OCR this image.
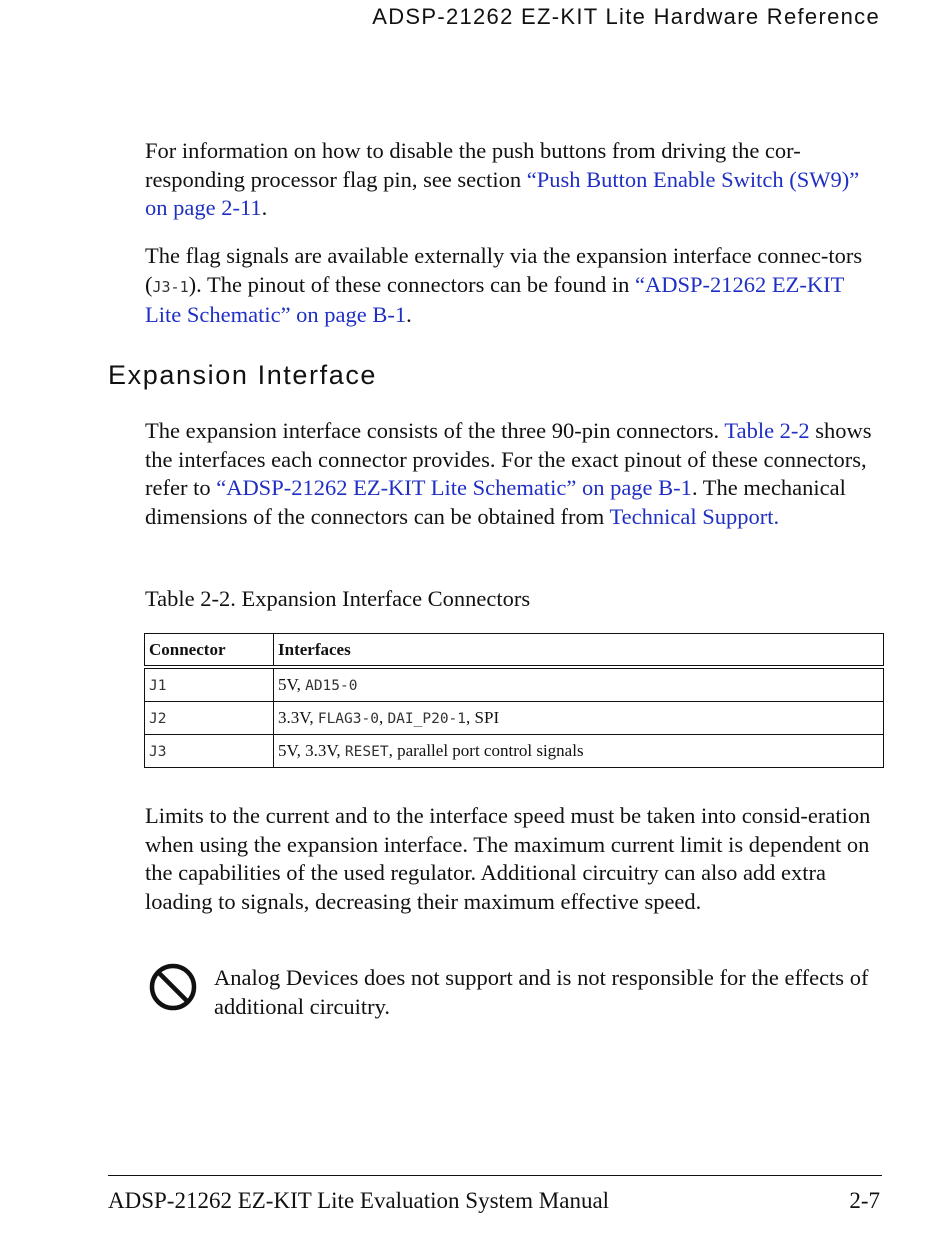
ADSP-21262 EZ-KIT Lite Hardware Reference

For information on how to disable the push buttons from driving the cor-responding processor flag pin, see section “Push Button Enable Switch (SW9)” on page 2-11.

The flag signals are available externally via the expansion interface connec-tors (J3-1). The pinout of these connectors can be found in “ADSP-21262 EZ-KIT Lite Schematic” on page B-1.

Expansion Interface

The expansion interface consists of the three 90-pin connectors. Table 2-2 shows the interfaces each connector provides. For the exact pinout of these connectors, refer to “ADSP-21262 EZ-KIT Lite Schematic” on page B-1. The mechanical dimensions of the connectors can be obtained from Technical Support.

Table 2-2. Expansion Interface Connectors

Connector	Interfaces
J1	5V, AD15-0
J2	3.3V, FLAG3-0, DAI_P20-1, SPI
J3	5V, 3.3V, RESET, parallel port control signals

Limits to the current and to the interface speed must be taken into consid-eration when using the expansion interface. The maximum current limit is dependent on the capabilities of the used regulator. Additional circuitry can also add extra loading to signals, decreasing their maximum effective speed.

Analog Devices does not support and is not responsible for the effects of additional circuitry.

ADSP-21262 EZ-KIT Lite Evaluation System Manual	2-7
